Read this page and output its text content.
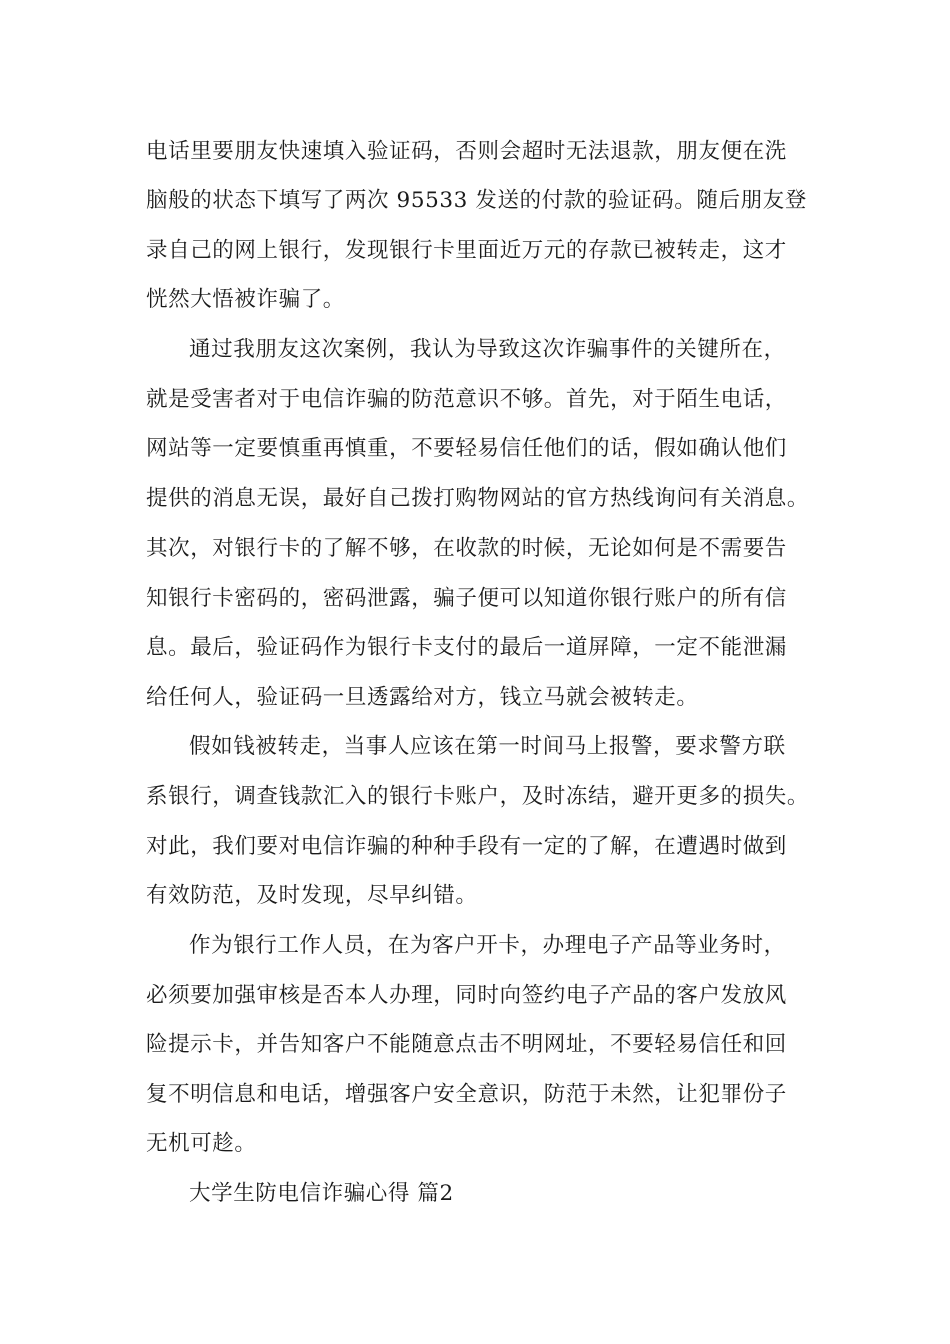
电话里要朋友快速填入验证码，否则会超时无法退款，朋友便在洗
脑般的状态下填写了两次 95533 发送的付款的验证码。随后朋友登
录自己的网上银行，发现银行卡里面近万元的存款已被转走，这才
恍然大悟被诈骗了。
通过我朋友这次案例，我认为导致这次诈骗事件的关键所在，
就是受害者对于电信诈骗的防范意识不够。首先，对于陌生电话，
网站等一定要慎重再慎重，不要轻易信任他们的话，假如确认他们
提供的消息无误，最好自己拨打购物网站的官方热线询问有关消息。
其次，对银行卡的了解不够，在收款的时候，无论如何是不需要告
知银行卡密码的，密码泄露，骗子便可以知道你银行账户的所有信
息。最后，验证码作为银行卡支付的最后一道屏障，一定不能泄漏
给任何人，验证码一旦透露给对方，钱立马就会被转走。
假如钱被转走，当事人应该在第一时间马上报警，要求警方联
系银行，调查钱款汇入的银行卡账户，及时冻结，避开更多的损失。
对此，我们要对电信诈骗的种种手段有一定的了解，在遭遇时做到
有效防范，及时发现，尽早纠错。
作为银行工作人员，在为客户开卡，办理电子产品等业务时，
必须要加强审核是否本人办理，同时向签约电子产品的客户发放风
险提示卡，并告知客户不能随意点击不明网址，不要轻易信任和回
复不明信息和电话，增强客户安全意识，防范于未然，让犯罪份子
无机可趁。
大学生防电信诈骗心得 篇2
